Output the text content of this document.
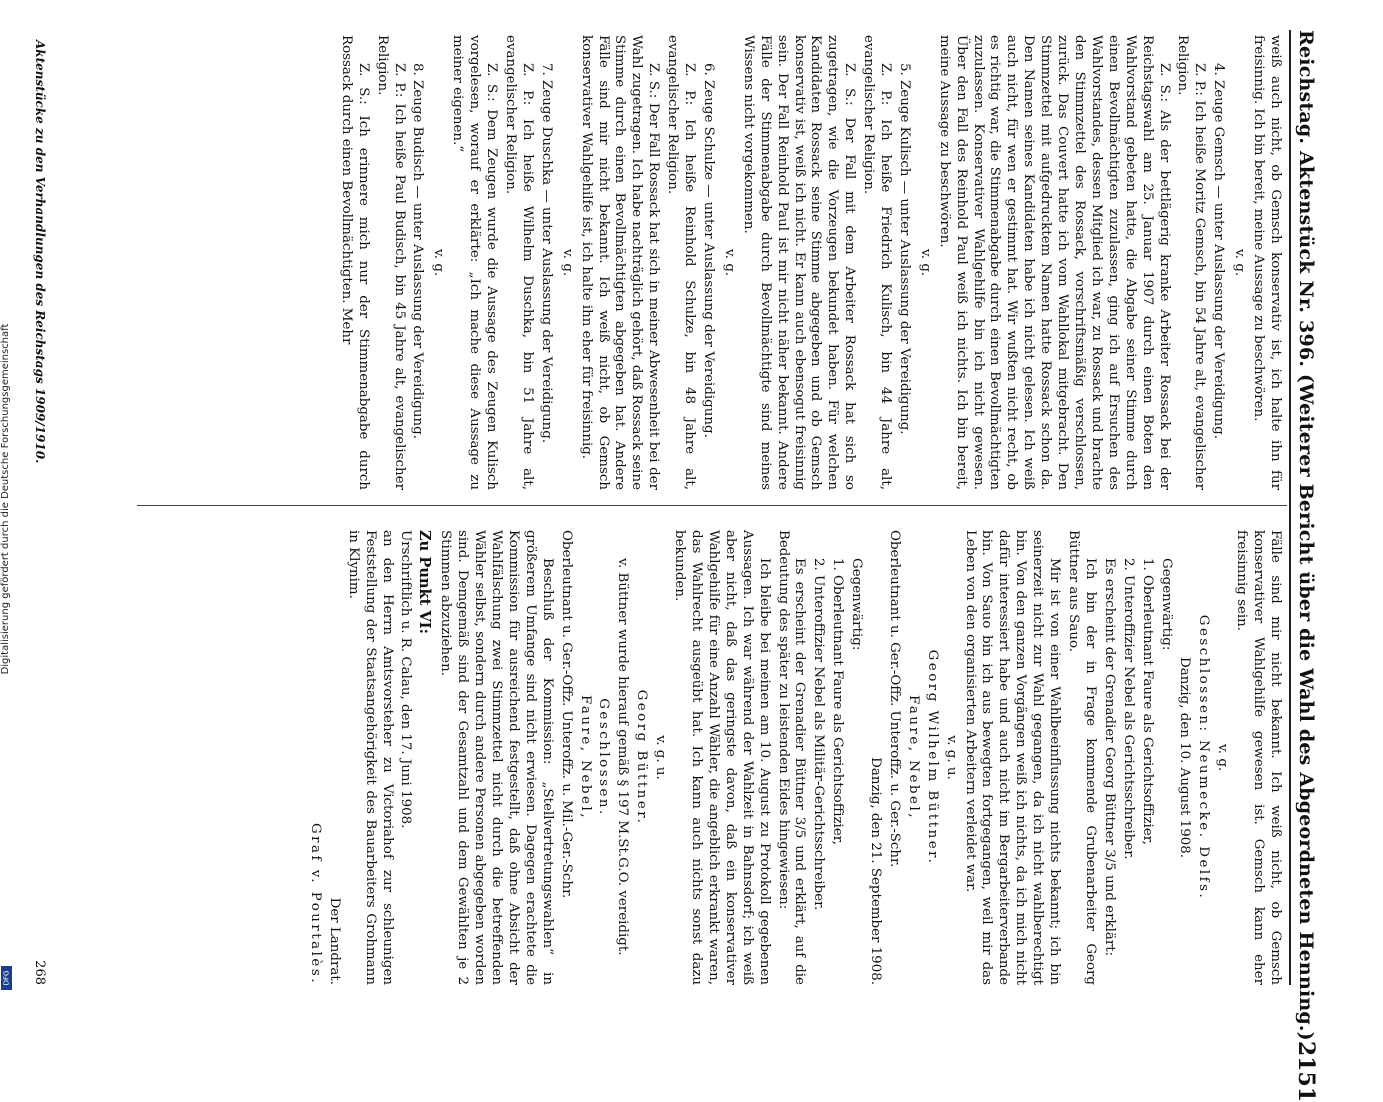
Digitalisierung gefördert durch die Deutsche Forschungsgemeinschaft
DFG	Reichstag. Aktenstück Nr. 396. (Weiterer Bericht über die Wahl des Abgeordneten Henning.)
2151

weiß auch nicht, ob Gemsch konservativ ist, ich halte ihn für freisinnig. Ich bin bereit, meine Aussage zu beschwören.

v. g.

4. Zeuge Gemsch — unter Auslassung der Vereidigung.

Z. P.: Ich heiße Moritz Gemsch, bin 54 Jahre alt, evangelischer Religion.

Z. S.: Als der bettlägerig kranke Arbeiter Rossack bei der Reichstagswahl am 25. Januar 1907 durch einen Boten den Wahlvorstand gebeten hatte, die Abgabe seiner Stimme durch einen Bevollmächtigten zuzulassen, ging ich auf Ersuchen des Wahlvorstandes, dessen Mitglied ich war, zu Rossack und brachte den Stimmzettel des Rossack, vorschriftsmäßig verschlossen, zurück. Das Couvert hatte ich vom Wahllokal mitgebracht. Den Stimmzettel mit aufgedrucktem Namen hatte Rossack schon da. Den Namen seines Kandidaten habe ich nicht gelesen. Ich weiß auch nicht, für wen er gestimmt hat. Wir wußten nicht recht, ob es richtig war, die Stimmenabgabe durch einen Bevollmächtigten zuzulassen. Konservativer Wahlgehilfe bin ich nicht gewesen. Über den Fall des Reinhold Paul weiß ich nichts. Ich bin bereit, meine Aussage zu beschwören.

v. g.

5. Zeuge Kulisch — unter Auslassung der Vereidigung.

Z. P.: Ich heiße Friedrich Kulisch, bin 44 Jahre alt, evangelischer Religion.

Z. S.: Der Fall mit dem Arbeiter Rossack hat sich so zugetragen, wie die Vorzeugen bekundet haben. Für welchen Kandidaten Rossack seine Stimme abgegeben und ob Gemsch konservativ ist, weiß ich nicht. Er kann auch ebensogut freisinnig sein. Der Fall Reinhold Paul ist mir nicht näher bekannt. Andere Fälle der Stimmenabgabe durch Bevollmächtigte sind meines Wissens nicht vorgekommen.

v. g.

6. Zeuge Schulze — unter Auslassung der Vereidigung.

Z. P.: Ich heiße Reinhold Schulze, bin 48 Jahre alt, evangelischer Religion.

Z. S.: Der Fall Rossack hat sich in meiner Abwesenheit bei der Wahl zugetragen. Ich habe nachträglich gehört, daß Rossack seine Stimme durch einen Bevollmächtigten abgegeben hat. Andere Fälle sind mir nicht bekannt. Ich weiß nicht, ob Gemsch konservativer Wahlgehilfe ist, ich halte ihn eher für freisinnig.

v. g.

7. Zeuge Duschka — unter Auslassung der Vereidigung.

Z. P.: Ich heiße Wilhelm Duschka, bin 51 Jahre alt, evangelischer Religion.

Z. S.: Dem Zeugen wurde die Aussage des Zeugen Kulisch vorgelesen, worauf er erklärte: „Ich mache diese Aussage zu meiner eigenen.“

v. g.

8. Zeuge Budisch — unter Auslassung der Vereidigung.

Z. P.: Ich heiße Paul Budisch, bin 45 Jahre alt, evangelischer Religion.

Z. S.: Ich erinnere mich nur der Stimmenabgabe durch Rossack durch einen Bevollmächtigten. Mehr

Fälle sind mir nicht bekannt. Ich weiß nicht, ob Gemsch konservativer Wahlgehilfe gewesen ist. Gemsch kann eher freisinnig sein.

v. g.

Geschlossen: Neumecke. Delfs.

Danzig, den 10. August 1908.

Gegenwärtig:

1. Oberleutnant Faure als Gerichtsoffizier,

2. Unteroffizier Nebel als Gerichtsschreiber.

Es erscheint der Grenadier Georg Büttner 3/5 und erklärt:

Ich bin der in Frage kommende Grubenarbeiter Georg Büttner aus Sauo.

Mir ist von einer Wahlbeeinflussung nichts bekannt; ich bin seinerzeit nicht zur Wahl gegangen, da ich nicht wahlberechtigt bin. Von den ganzen Vorgängen weiß ich nichts, da ich mich nicht dafür interessiert habe und auch nicht im Bergarbeiterverbande bin. Von Sauo bin ich aus bewegten fortgegangen, weil mir das Leben von den organisierten Arbeitern verleidet war.

v. g. u.

Georg Wilhelm Büttner.

Faure, Nebel,

Oberleutnant u. Ger.-Offz. Unteroffz. u. Ger.-Schr.

Danzig, den 21. September 1908.

Gegenwärtig:

1. Oberleutnant Faure als Gerichtsoffizier,

2. Unteroffizier Nebel als Militär-Gerichtsschreiber.

Es erscheint der Grenadier Büttner 3/5 und erklärt, auf die Bedeutung des später zu leistenden Eides hingewiesen:

Ich bleibe bei meinen am 10. August zu Protokoll gegebenen Aussagen. Ich war während der Wahlzeit in Bahnsdorf; ich weiß aber nicht, daß das geringste davon, daß ein konservativer Wahlgehilfe für eine Anzahl Wähler, die angeblich erkrankt waren, das Wahlrecht ausgeübt hat. Ich kann auch nichts sonst dazu bekunden.

v. g. u.

Georg Büttner.

v. Büttner wurde hierauf gemäß § 197 M.St.G.O. vereidigt.

Geschlossen.

Faure, Nebel,

Oberleutnant u. Ger.-Offz. Unteroffz. u. Mil.-Ger.-Schr.

Beschluß der Kommission: „Stellvertretungswahlen“ in größerem Umfange sind nicht erwiesen. Dagegen erachtete die Kommission für ausreichend festgestellt, daß ohne Absicht der Wahlfälschung zwei Stimmzettel nicht durch die betreffenden Wähler selbst, sondern durch andere Personen abgegeben worden sind. Demgemäß sind der Gesamtzahl und dem Gewählten je 2 Stimmen abzuziehen.

Zu Punkt VI:

Urschriftlich u. R. Calau, den 17. Juni 1908.

an den Herrn Amtsvorsteher zu Victoriahof zur schleunigen Feststellung der Staatsangehörigkeit des Bauarbeiters Grohmann in Klynim.

Der Landrat.

Graf v. Pourtalès.

Aktenstücke zu den Verhandlungen des Reichstags 1909/1910.
268
